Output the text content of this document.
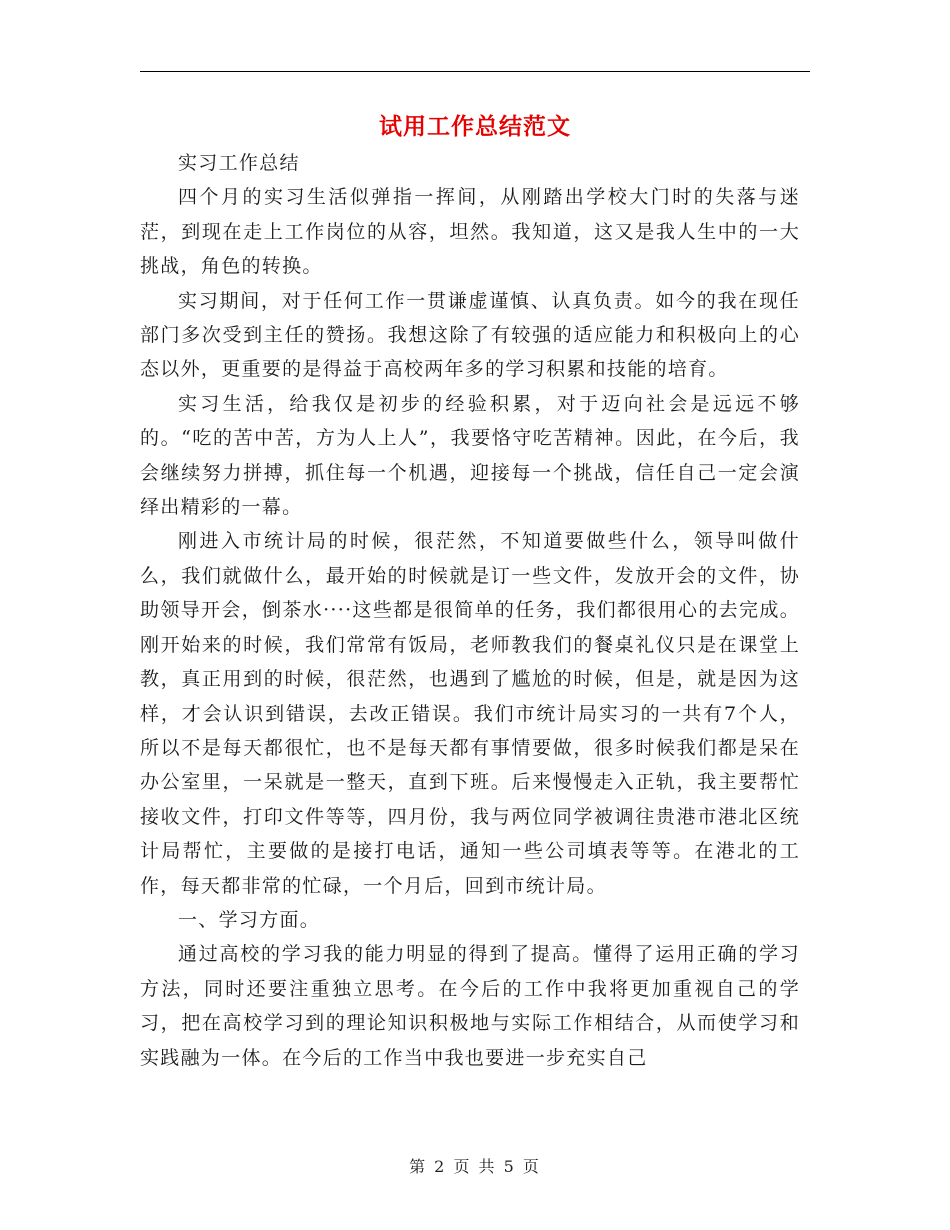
试用工作总结范文

实习工作总结

四个月的实习生活似弹指一挥间，从刚踏出学校大门时的失落与迷茫，到现在走上工作岗位的从容，坦然。我知道，这又是我人生中的一大挑战，角色的转换。

实习期间，对于任何工作一贯谦虚谨慎、认真负责。如今的我在现任部门多次受到主任的赞扬。我想这除了有较强的适应能力和积极向上的心态以外，更重要的是得益于高校两年多的学习积累和技能的培育。

实习生活，给我仅是初步的经验积累，对于迈向社会是远远不够的。“吃的苦中苦，方为人上人”，我要恪守吃苦精神。因此，在今后，我会继续努力拼搏，抓住每一个机遇，迎接每一个挑战，信任自己一定会演绎出精彩的一幕。

刚进入市统计局的时候，很茫然，不知道要做些什么，领导叫做什么，我们就做什么，最开始的时候就是订一些文件，发放开会的文件，协助领导开会，倒茶水····这些都是很简单的任务，我们都很用心的去完成。刚开始来的时候，我们常常有饭局，老师教我们的餐桌礼仪只是在课堂上教，真正用到的时候，很茫然，也遇到了尴尬的时候，但是，就是因为这样，才会认识到错误，去改正错误。我们市统计局实习的一共有7个人，所以不是每天都很忙，也不是每天都有事情要做，很多时候我们都是呆在办公室里，一呆就是一整天，直到下班。后来慢慢走入正轨，我主要帮忙接收文件，打印文件等等，四月份，我与两位同学被调往贵港市港北区统计局帮忙，主要做的是接打电话，通知一些公司填表等等。在港北的工作，每天都非常的忙碌，一个月后，回到市统计局。

一、学习方面。

通过高校的学习我的能力明显的得到了提高。懂得了运用正确的学习方法，同时还要注重独立思考。在今后的工作中我将更加重视自己的学习，把在高校学习到的理论知识积极地与实际工作相结合，从而使学习和实践融为一体。在今后的工作当中我也要进一步充实自己

第 2 页 共 5 页
